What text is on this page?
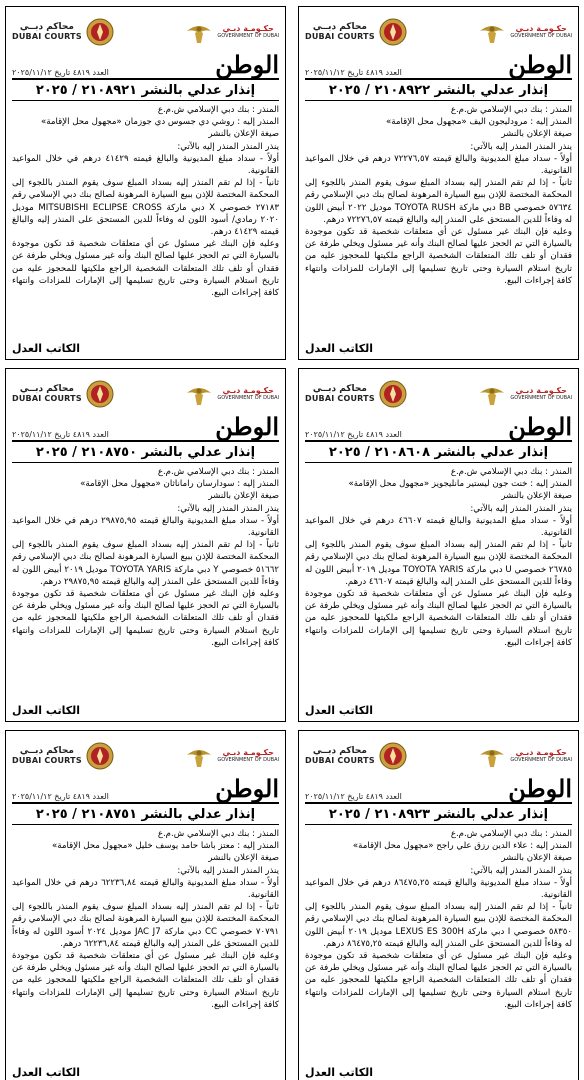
محاكم دبــي
DUBAI COURTS
حكـومـة دبـي
GOVERNMENT OF DUBAI
الوطن
العدد ٤٨١٩ تاريخ ٢٠٢٥/١١/١٢
إنذار عدلي بالنشر ٢١٠٨٩٢٢ / ٢٠٢٥

المنذر : بنك دبي الإسلامي ش.م.ع

المنذر إليه : مرودليجون اليف «مجهول محل الإقامة»

صيغة الإعلان بالنشر

ينذر المنذر المنذر إليه بالآتي:

أولاً - سداد مبلغ المديونية والبالغ قيمته ٧٢٢٧٦,٥٧ درهم في خلال المواعيد القانونية.

ثانياً - إذا لم تقم المنذر إليه بسداد المبلغ سوف يقوم المنذر باللجوء إلى المحكمة المختصة للإذن ببيع السيارة المرهونة لصالح بنك دبي الإسلامي رقم ٥٧٦٣٤ خصوصي BB دبي ماركة TOYOTA RUSH موديل ٢٠٢٢ أبيض اللون له وفاءاً للدين المستحق على المنذر إليه والبالغ قيمته ٧٢٢٧٦,٥٧ درهم.

وعليه فإن البنك غير مسئول عن أي متعلقات شخصية قد تكون موجودة بالسيارة التي تم الحجز عليها لصالح البنك وأنه غير مسئول ويخلي طرفة عن فقدان أو تلف تلك المتعلقات الشخصية الراجع ملكيتها للمحجوز عليه من تاريخ استلام السيارة وحتى تاريخ تسليمها إلى الإمارات للمزادات وانتهاء كافة إجراءات البيع.

الكاتب العدل
محاكم دبــي
DUBAI COURTS
حكـومـة دبـي
GOVERNMENT OF DUBAI
الوطن
العدد ٤٨١٩ تاريخ ٢٠٢٥/١١/١٢
إنذار عدلي بالنشر ٢١٠٨٩٢١ / ٢٠٢٥

المنذر : بنك دبي الإسلامي ش.م.ع

المنذر إليه : روشي دي جسوس دي جوزمان «مجهول محل الإقامة»

صيغة الإعلان بالنشر

ينذر المنذر المنذر إليه بالآتي:

أولاً - سداد مبلغ المديونية والبالغ قيمته ٤١٤٢٩ درهم في خلال المواعيد القانونية.

ثانياً - إذا لم تقم المنذر إليه بسداد المبلغ سوف يقوم المنذر باللجوء إلى المحكمة المختصة للإذن ببيع السيارة المرهونة لصالح بنك دبي الإسلامي رقم ٢٧١٨٣ خصوصي X دبي ماركة MITSUBISHI ECLIPSE CROSS موديل ٢٠٢٠ رمادي/ أسود اللون له وفاءاً للدين المستحق على المنذر إليه والبالغ قيمته ٤١٤٢٩ درهم.

وعليه فإن البنك غير مسئول عن أي متعلقات شخصية قد تكون موجودة بالسيارة التي تم الحجز عليها لصالح البنك وأنه غير مسئول ويخلي طرفة عن فقدان أو تلف تلك المتعلقات الشخصية الراجع ملكيتها للمحجوز عليه من تاريخ استلام السيارة وحتى تاريخ تسليمها إلى الإمارات للمزادات وانتهاء كافة إجراءات البيع.

الكاتب العدل
محاكم دبــي
DUBAI COURTS
حكـومـة دبـي
GOVERNMENT OF DUBAI
الوطن
العدد ٤٨١٩ تاريخ ٢٠٢٥/١١/١٢
إنذار عدلي بالنشر ٢١٠٨٦٠٨ / ٢٠٢٥

المنذر : بنك دبي الإسلامي ش.م.ع

المنذر إليه : خنت جون ليستير مانليجويز «مجهول محل الإقامة»

صيغة الإعلان بالنشر

ينذر المنذر المنذر إليه بالآتي:

أولاً - سداد مبلغ المديونية والبالغ قيمته ٤٦٦٠٧ درهم في خلال المواعيد القانونية.

ثانياً - إذا لم تقم المنذر إليه بسداد المبلغ سوف يقوم المنذر باللجوء إلى المحكمة المختصة للإذن ببيع السيارة المرهونة لصالح بنك دبي الإسلامي رقم ٢٦٧٨٥ خصوصي U دبي ماركة TOYOTA YARIS موديل ٢٠١٩ أبيض اللون له وفاءاً للدين المستحق على المنذر إليه والبالغ قيمته ٤٦٦٠٧ درهم.

وعليه فإن البنك غير مسئول عن أي متعلقات شخصية قد تكون موجودة بالسيارة التي تم الحجز عليها لصالح البنك وأنه غير مسئول ويخلي طرفة عن فقدان أو تلف تلك المتعلقات الشخصية الراجع ملكيتها للمحجوز عليه من تاريخ استلام السيارة وحتى تاريخ تسليمها إلى الإمارات للمزادات وانتهاء كافة إجراءات البيع.

الكاتب العدل
محاكم دبــي
DUBAI COURTS
حكـومـة دبـي
GOVERNMENT OF DUBAI
الوطن
العدد ٤٨١٩ تاريخ ٢٠٢٥/١١/١٢
إنذار عدلي بالنشر ٢١٠٨٧٥٠ / ٢٠٢٥

المنذر : بنك دبي الإسلامي ش.م.ع

المنذر إليه : سودارسان راماناثان «مجهول محل الإقامة»

صيغة الإعلان بالنشر

ينذر المنذر المنذر إليه بالآتي:

أولاً - سداد مبلغ المديونية والبالغ قيمته ٢٩٨٧٥,٩٥ درهم في خلال المواعيد القانونية.

ثانياً - إذا لم تقم المنذر إليه بسداد المبلغ سوف يقوم المنذر باللجوء إلى المحكمة المختصة للإذن ببيع السيارة المرهونة لصالح بنك دبي الإسلامي رقم ٥١٦٦٢ خصوصي Y دبي ماركة TOYOTA YARIS موديل ٢٠١٩ أبيض اللون له وفاءاً للدين المستحق على المنذر إليه والبالغ قيمته ٢٩٨٧٥,٩٥ درهم.

وعليه فإن البنك غير مسئول عن أي متعلقات شخصية قد تكون موجودة بالسيارة التي تم الحجز عليها لصالح البنك وأنه غير مسئول ويخلي طرفة عن فقدان أو تلف تلك المتعلقات الشخصية الراجع ملكيتها للمحجوز عليه من تاريخ استلام السيارة وحتى تاريخ تسليمها إلى الإمارات للمزادات وانتهاء كافة إجراءات البيع.

الكاتب العدل
محاكم دبــي
DUBAI COURTS
حكـومـة دبـي
GOVERNMENT OF DUBAI
الوطن
العدد ٤٨١٩ تاريخ ٢٠٢٥/١١/١٢
إنذار عدلي بالنشر ٢١٠٨٩٢٣ / ٢٠٢٥

المنذر : بنك دبي الإسلامي ش.م.ع

المنذر إليه : علاء الدين رزق علي راجح «مجهول محل الإقامة»

صيغة الإعلان بالنشر

ينذر المنذر المنذر إليه بالآتي:

أولاً - سداد مبلغ المديونية والبالغ قيمته ٨٦٤٧٥,٢٥ درهم في خلال المواعيد القانونية.

ثانياً - إذا لم تقم المنذر إليه بسداد المبلغ سوف يقوم المنذر باللجوء إلى المحكمة المختصة للإذن ببيع السيارة المرهونة لصالح بنك دبي الإسلامي رقم ٥٨٣٥٠ خصوصي I دبي ماركة LEXUS ES 300H موديل ٢٠١٩ أبيض اللون له وفاءاً للدين المستحق على المنذر إليه والبالغ قيمته ٨٦٤٧٥,٢٥ درهم.

وعليه فإن البنك غير مسئول عن أي متعلقات شخصية قد تكون موجودة بالسيارة التي تم الحجز عليها لصالح البنك وأنه غير مسئول ويخلي طرفة عن فقدان أو تلف تلك المتعلقات الشخصية الراجع ملكيتها للمحجوز عليه من تاريخ استلام السيارة وحتى تاريخ تسليمها إلى الإمارات للمزادات وانتهاء كافة إجراءات البيع.

الكاتب العدل
محاكم دبــي
DUBAI COURTS
حكـومـة دبـي
GOVERNMENT OF DUBAI
الوطن
العدد ٤٨١٩ تاريخ ٢٠٢٥/١١/١٢
إنذار عدلي بالنشر ٢١٠٨٧٥١ / ٢٠٢٥

المنذر : بنك دبي الإسلامي ش.م.ع

المنذر إليه : معتز باشا حامد يوسف خليل «مجهول محل الإقامة»

صيغة الإعلان بالنشر

ينذر المنذر المنذر إليه بالآتي:

أولاً - سداد مبلغ المديونية والبالغ قيمته ٦٢٢٣٦,٨٤ درهم في خلال المواعيد القانونية.

ثانياً - إذا لم تقم المنذر إليه بسداد المبلغ سوف يقوم المنذر باللجوء إلى المحكمة المختصة للإذن ببيع السيارة المرهونة لصالح بنك دبي الإسلامي رقم ٧٠٧٩١ خصوصي CC دبي ماركة JAC J7 موديل ٢٠٢٤ أسود اللون له وفاءاً للدين المستحق على المنذر إليه والبالغ قيمته ٦٢٢٣٦,٨٤ درهم.

وعليه فإن البنك غير مسئول عن أي متعلقات شخصية قد تكون موجودة بالسيارة التي تم الحجز عليها لصالح البنك وأنه غير مسئول ويخلي طرفة عن فقدان أو تلف تلك المتعلقات الشخصية الراجع ملكيتها للمحجوز عليه من تاريخ استلام السيارة وحتى تاريخ تسليمها إلى الإمارات للمزادات وانتهاء كافة إجراءات البيع.

الكاتب العدل
